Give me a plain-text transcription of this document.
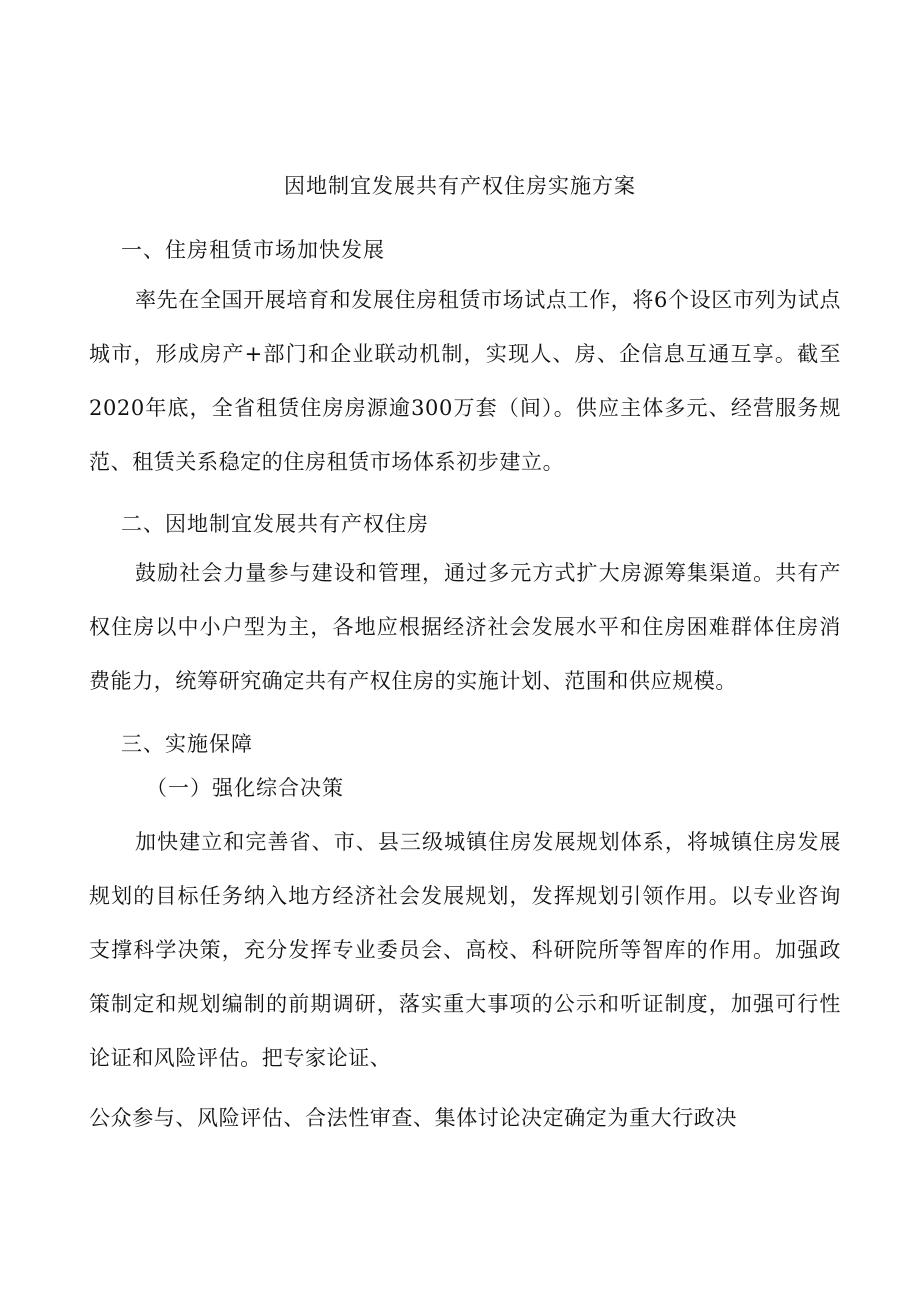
因地制宜发展共有产权住房实施方案
一、住房租赁市场加快发展
率先在全国开展培育和发展住房租赁市场试点工作，将6个设区市列为试点城市，形成房产+部门和企业联动机制，实现人、房、企信息互通互享。截至2020年底，全省租赁住房房源逾300万套（间）。供应主体多元、经营服务规范、租赁关系稳定的住房租赁市场体系初步建立。
二、因地制宜发展共有产权住房
鼓励社会力量参与建设和管理，通过多元方式扩大房源筹集渠道。共有产权住房以中小户型为主，各地应根据经济社会发展水平和住房困难群体住房消费能力，统筹研究确定共有产权住房的实施计划、范围和供应规模。
三、实施保障
（一）强化综合决策
加快建立和完善省、市、县三级城镇住房发展规划体系，将城镇住房发展规划的目标任务纳入地方经济社会发展规划，发挥规划引领作用。以专业咨询支撑科学决策，充分发挥专业委员会、高校、科研院所等智库的作用。加强政策制定和规划编制的前期调研，落实重大事项的公示和听证制度，加强可行性论证和风险评估。把专家论证、
公众参与、风险评估、合法性审查、集体讨论决定确定为重大行政决
